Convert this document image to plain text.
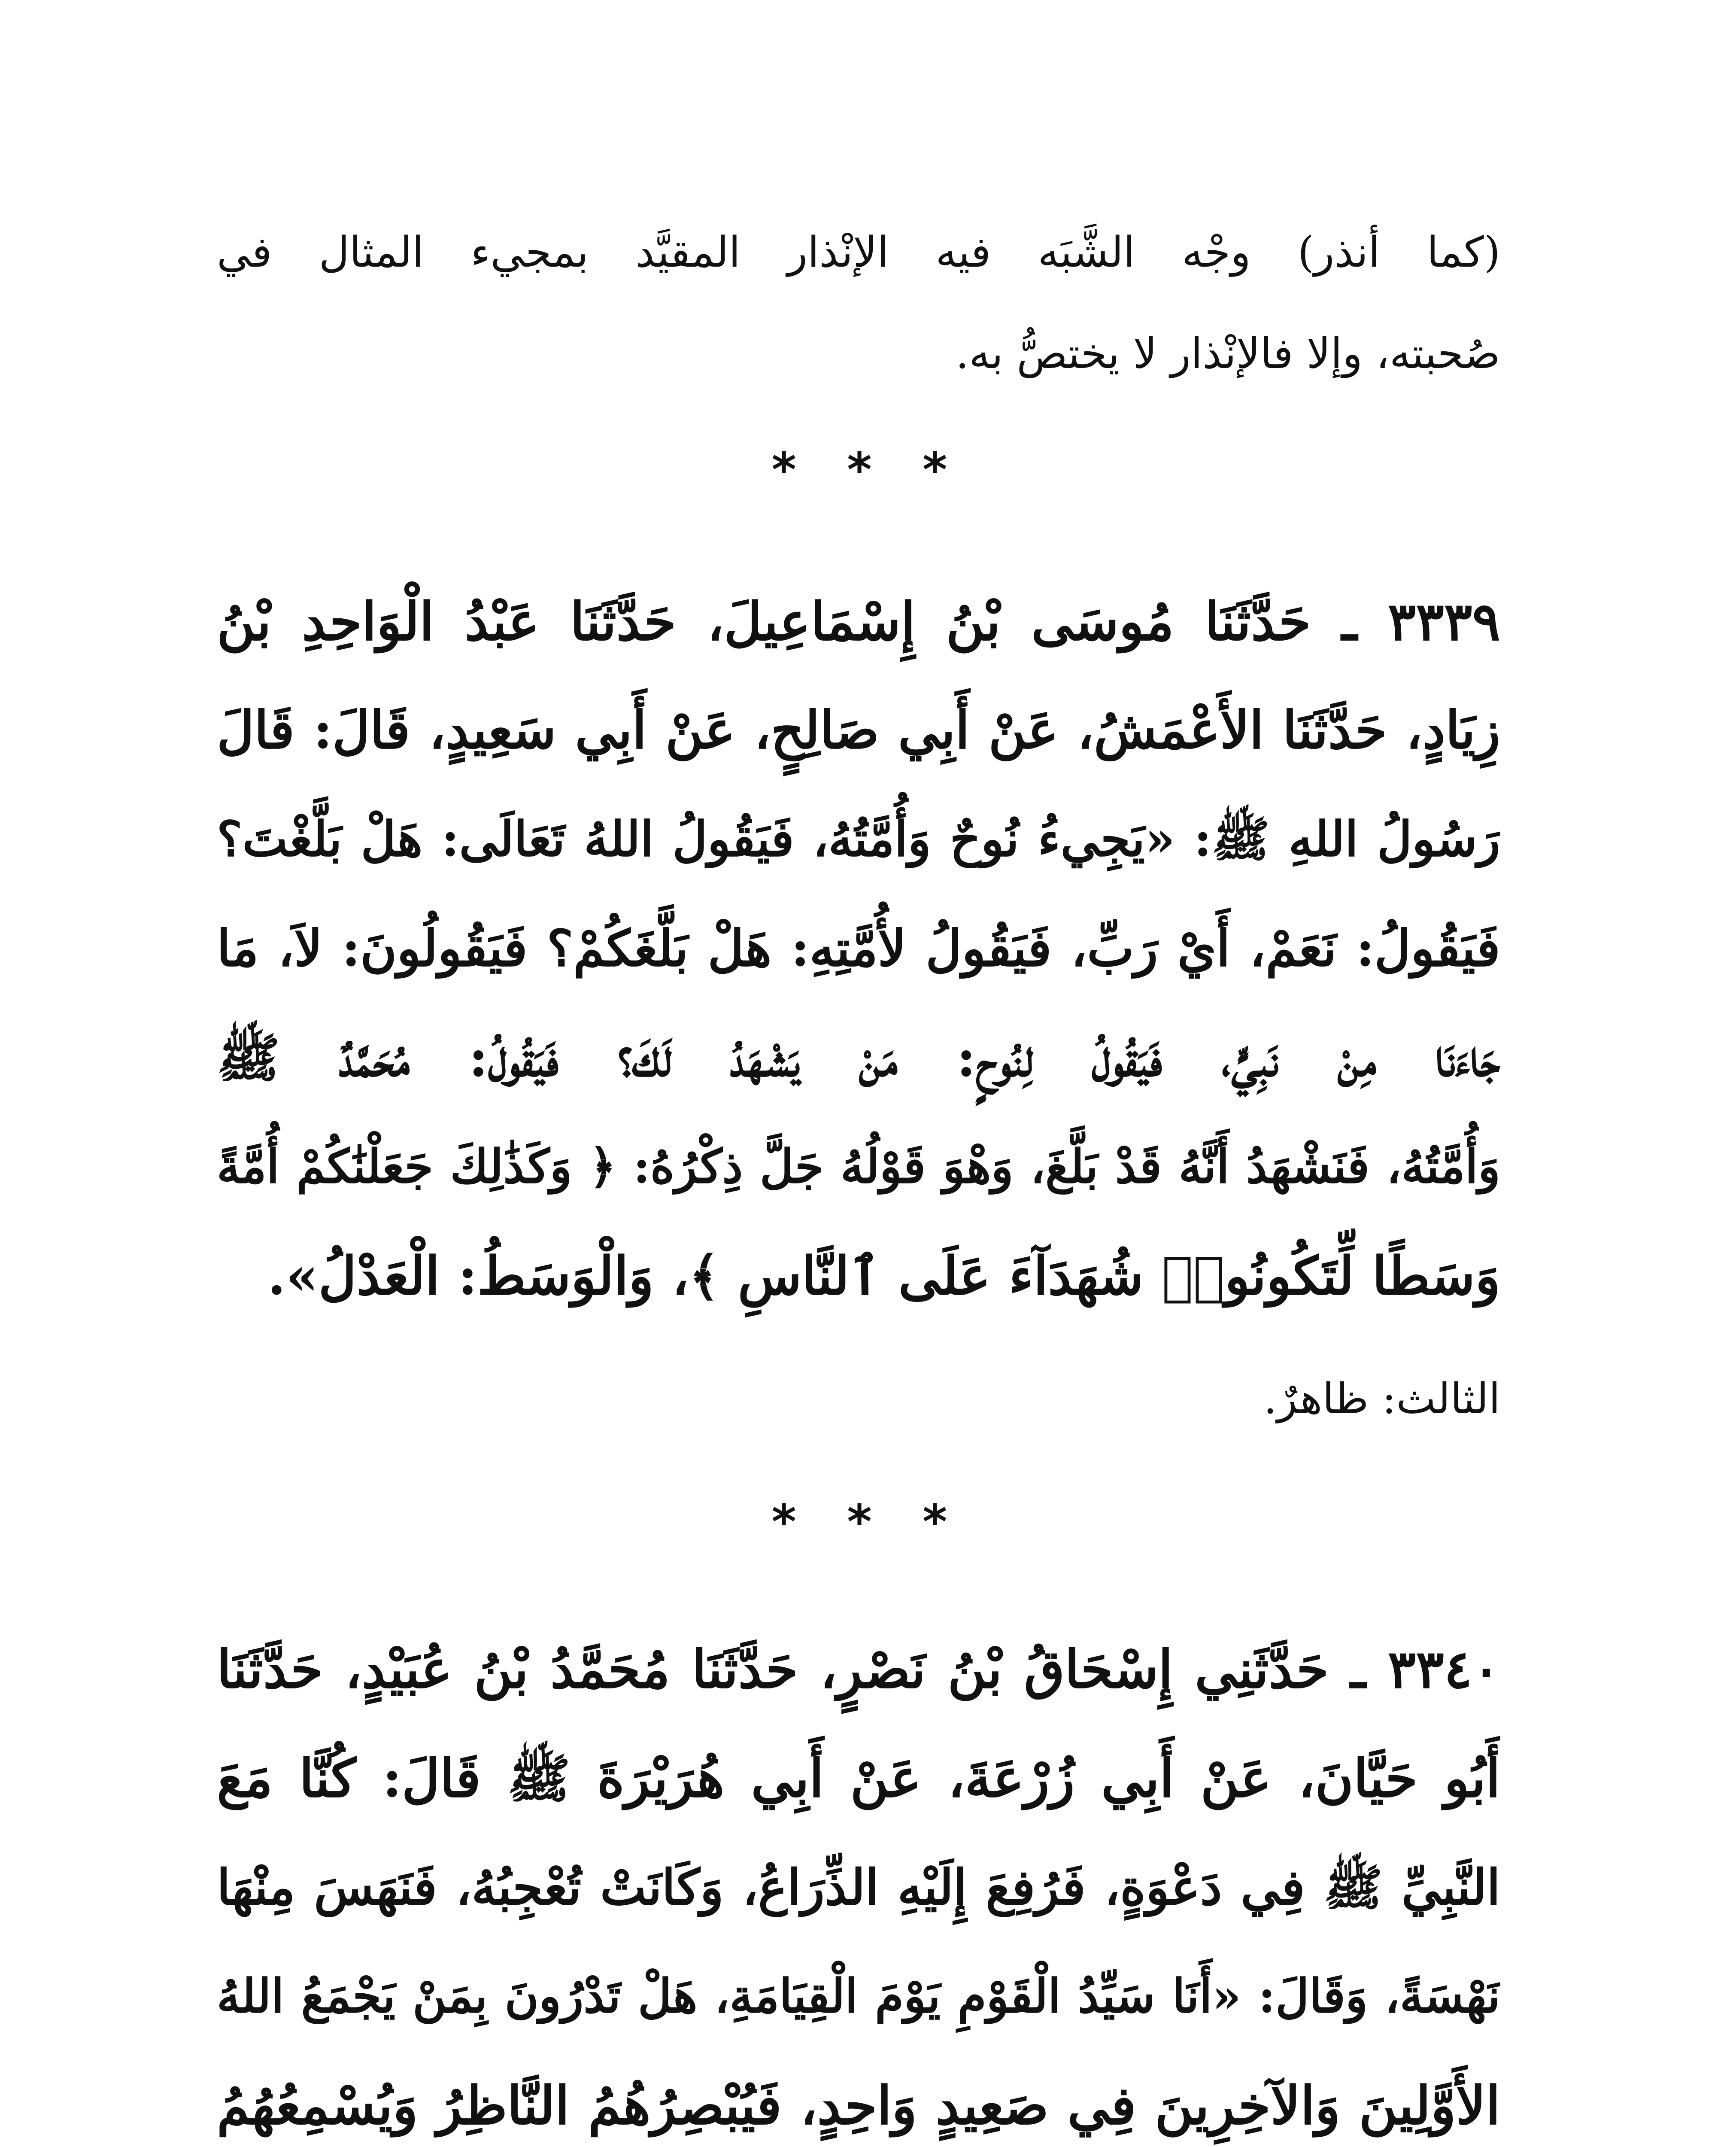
(كما أنذر) وجْه الشَّبَه فيه الإنْذار المقيَّد بمجيء المثال في
صُحبته، وإلا فالإنْذار لا يختصُّ به.
* * *
٣٣٣٩ ـ حَدَّثَنَا مُوسَى بْنُ إِسْمَاعِيلَ، حَدَّثَنَا عَبْدُ الْوَاحِدِ بْنُ
زِيَادٍ، حَدَّثَنَا الأَعْمَشُ، عَنْ أَبِي صَالِحٍ، عَنْ أَبِي سَعِيدٍ، قَالَ: قَالَ
رَسُولُ اللهِ ﷺ: «يَجِيءُ نُوحٌ وَأُمَّتُهُ، فَيَقُولُ اللهُ تَعَالَى: هَلْ بَلَّغْتَ؟
فَيَقُولُ: نَعَمْ، أَيْ رَبِّ، فَيَقُولُ لأُمَّتِهِ: هَلْ بَلَّغَكُمْ؟ فَيَقُولُونَ: لاَ، مَا
جَاءَنَا مِنْ نَبِيٍّ، فَيَقُولُ لِنُوحٍ: مَنْ يَشْهَدُ لَكَ؟ فَيَقُولُ: مُحَمَّدٌ ﷺ
وَأُمَّتُهُ، فَنَشْهَدُ أَنَّهُ قَدْ بَلَّغَ، وَهْوَ قَوْلُهُ جَلَّ ذِكْرُهُ: ﴿ وَكَذَٰلِكَ جَعَلْنَٰكُمْ أُمَّةً
وَسَطًا لِّتَكُونُوا۟ شُهَدَآءَ عَلَى ٱلنَّاسِ ﴾، وَالْوَسَطُ: الْعَدْلُ».
الثالث: ظاهرٌ.
* * *
٣٣٤٠ ـ حَدَّثَنِي إِسْحَاقُ بْنُ نَصْرٍ، حَدَّثَنَا مُحَمَّدُ بْنُ عُبَيْدٍ، حَدَّثَنَا
أَبُو حَيَّانَ، عَنْ أَبِي زُرْعَةَ، عَنْ أَبِي هُرَيْرَةَ ﷺ قَالَ: كُنَّا مَعَ
النَّبِيِّ ﷺ فِي دَعْوَةٍ، فَرُفِعَ إِلَيْهِ الذِّرَاعُ، وَكَانَتْ تُعْجِبُهُ، فَنَهَسَ مِنْهَا
نَهْسَةً، وَقَالَ: «أَنَا سَيِّدُ الْقَوْمِ يَوْمَ الْقِيَامَةِ، هَلْ تَدْرُونَ بِمَنْ يَجْمَعُ اللهُ
الأَوَّلِينَ وَالآخِرِينَ فِي صَعِيدٍ وَاحِدٍ، فَيُبْصِرُهُمُ النَّاظِرُ وَيُسْمِعُهُمُ
